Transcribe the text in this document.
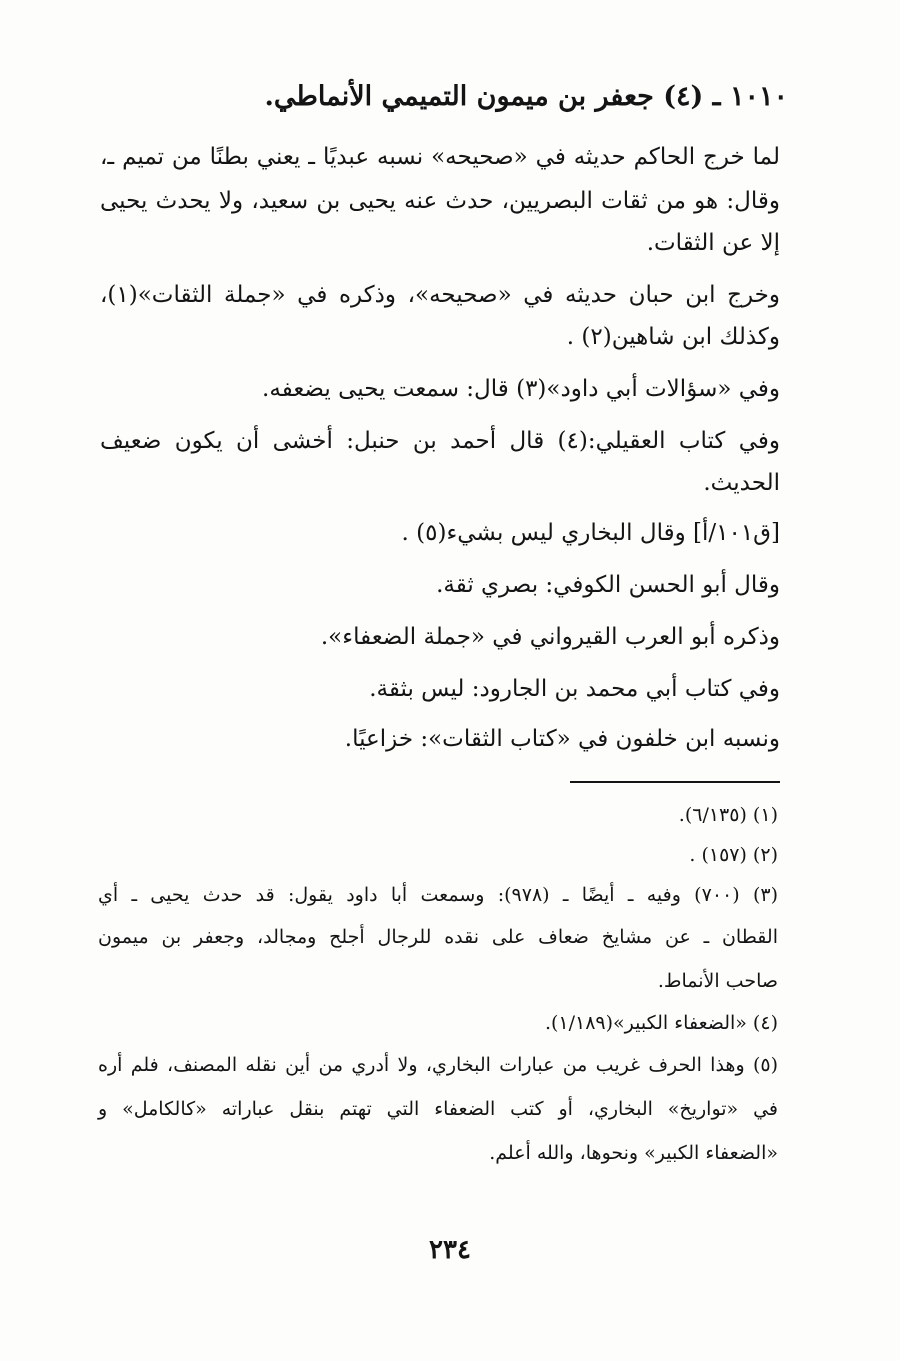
١٠١٠ ـ (٤) جعفر بن ميمون التميمي الأنماطي.
لما خرج الحاكم حديثه في «صحيحه» نسبه عبديًا ـ يعني بطنًا من تميم ـ،
وقال: هو من ثقات البصريين، حدث عنه يحيى بن سعيد، ولا يحدث يحيى
إلا عن الثقات.
وخرج ابن حبان حديثه في «صحيحه»، وذكره في «جملة الثقات»(١)،
وكذلك ابن شاهين(٢) .
وفي «سؤالات أبي داود»(٣) قال: سمعت يحيى يضعفه.
وفي كتاب العقيلي:(٤) قال أحمد بن حنبل: أخشى أن يكون ضعيف
الحديث.
[ق١٠١/أ] وقال البخاري ليس بشيء(٥) .
وقال أبو الحسن الكوفي: بصري ثقة.
وذكره أبو العرب القيرواني في «جملة الضعفاء».
وفي كتاب أبي محمد بن الجارود: ليس بثقة.
ونسبه ابن خلفون في «كتاب الثقات»: خزاعيًا.
(١) (٦/١٣٥).
(٢) (١٥٧) .
(٣) (٧٠٠) وفيه ـ أيضًا ـ (٩٧٨): وسمعت أبا داود يقول: قد حدث يحيى ـ أي
القطان ـ عن مشايخ ضعاف على نقده للرجال أجلح ومجالد، وجعفر بن ميمون
صاحب الأنماط.
(٤) «الضعفاء الكبير»(١/١٨٩).
(٥) وهذا الحرف غريب من عبارات البخاري، ولا أدري من أين نقله المصنف، فلم أره
في «تواريخ» البخاري، أو كتب الضعفاء التي تهتم بنقل عباراته «كالكامل» و
«الضعفاء الكبير» ونحوها، والله أعلم.
٢٣٤
